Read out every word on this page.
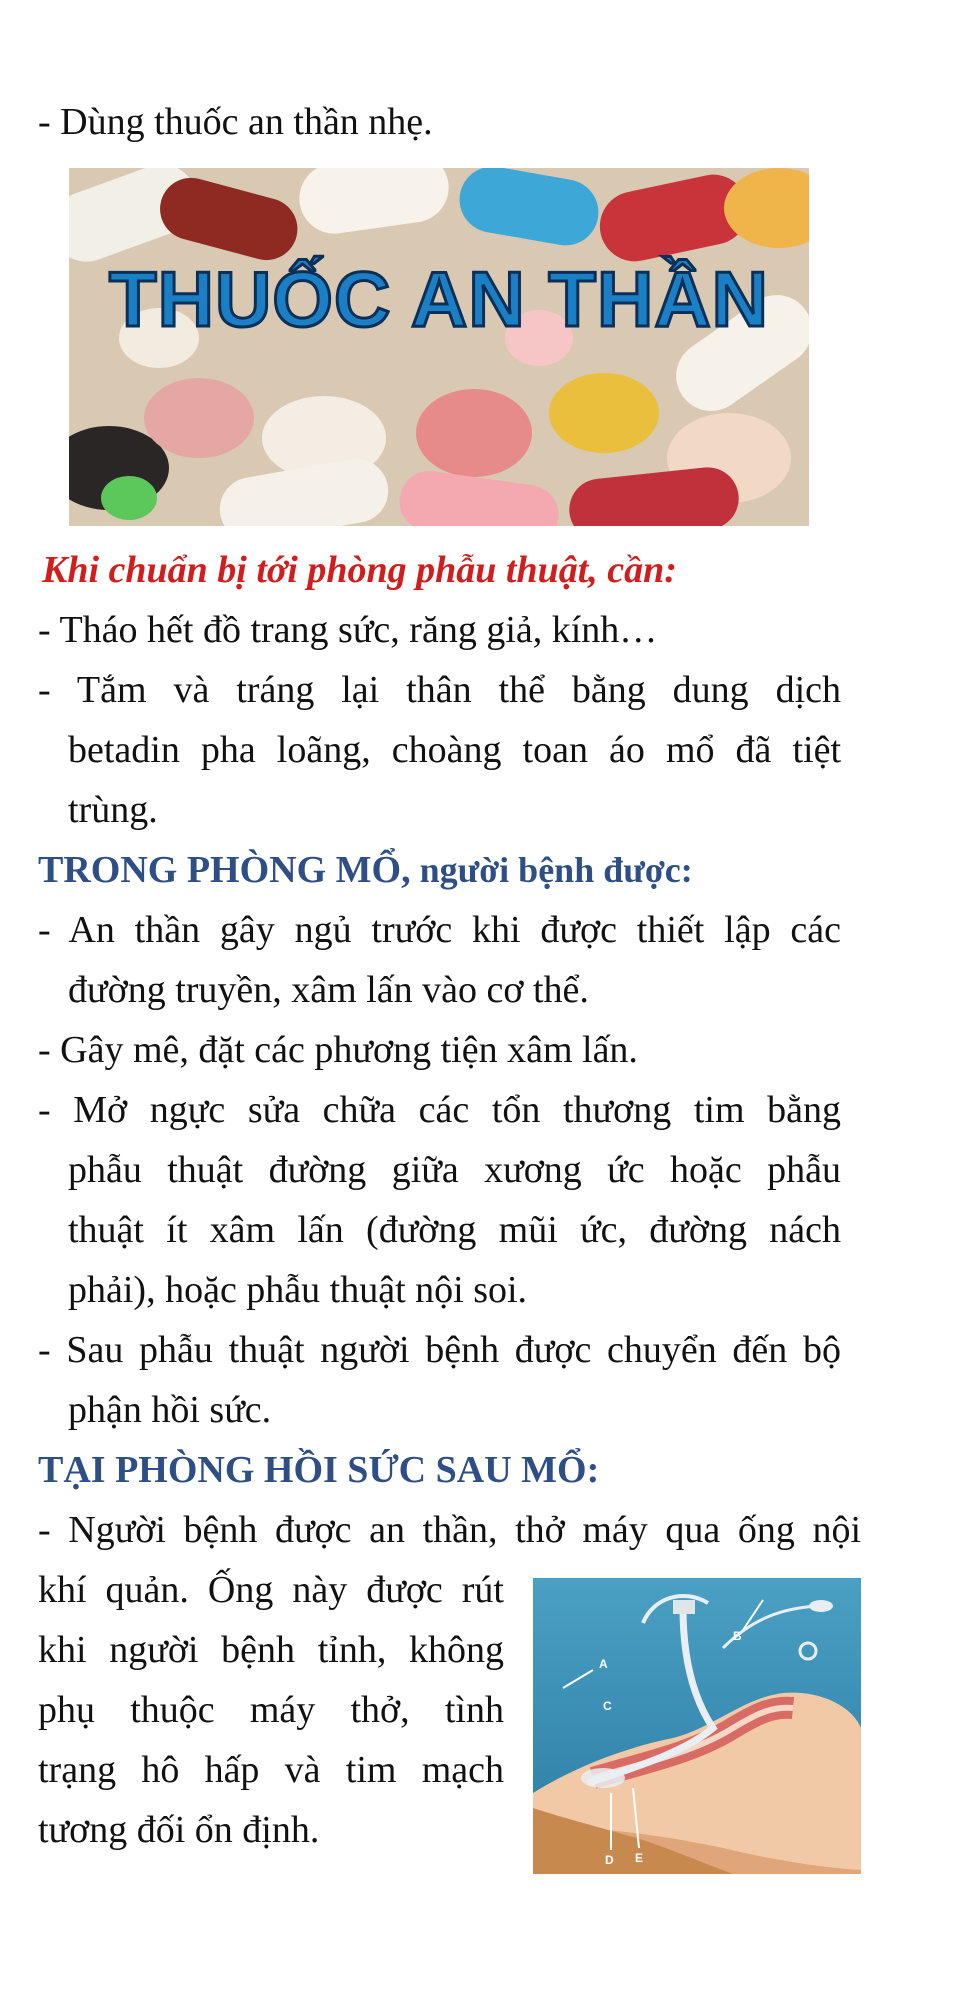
- Dùng thuốc an thần nhẹ.
THUỐC AN THẦN
Khi chuẩn bị tới phòng phẫu thuật, cần:
- Tháo hết đồ trang sức, răng giả, kính…
- Tắm và tráng lại thân thể bằng dung dịch
betadin pha loãng, choàng toan áo mổ đã tiệt
trùng.
TRONG PHÒNG MỔ, người bệnh được:
- An thần gây ngủ trước khi được thiết lập các
đường truyền, xâm lấn vào cơ thể.
- Gây mê, đặt các phương tiện xâm lấn.
- Mở ngực sửa chữa các tổn thương tim bằng
phẫu thuật đường giữa xương ức hoặc phẫu
thuật ít xâm lấn (đường mũi ức, đường nách
phải), hoặc phẫu thuật nội soi.
- Sau phẫu thuật người bệnh được chuyển đến bộ
phận hồi sức.
TẠI PHÒNG HỒI SỨC SAU MỔ:
- Người bệnh được an thần, thở máy qua ống nội
khí quản. Ống này được rút
khi người bệnh tỉnh, không
phụ thuộc máy thở, tình
trạng hô hấp và tim mạch
tương đối ổn định.
A
B
C
D E
